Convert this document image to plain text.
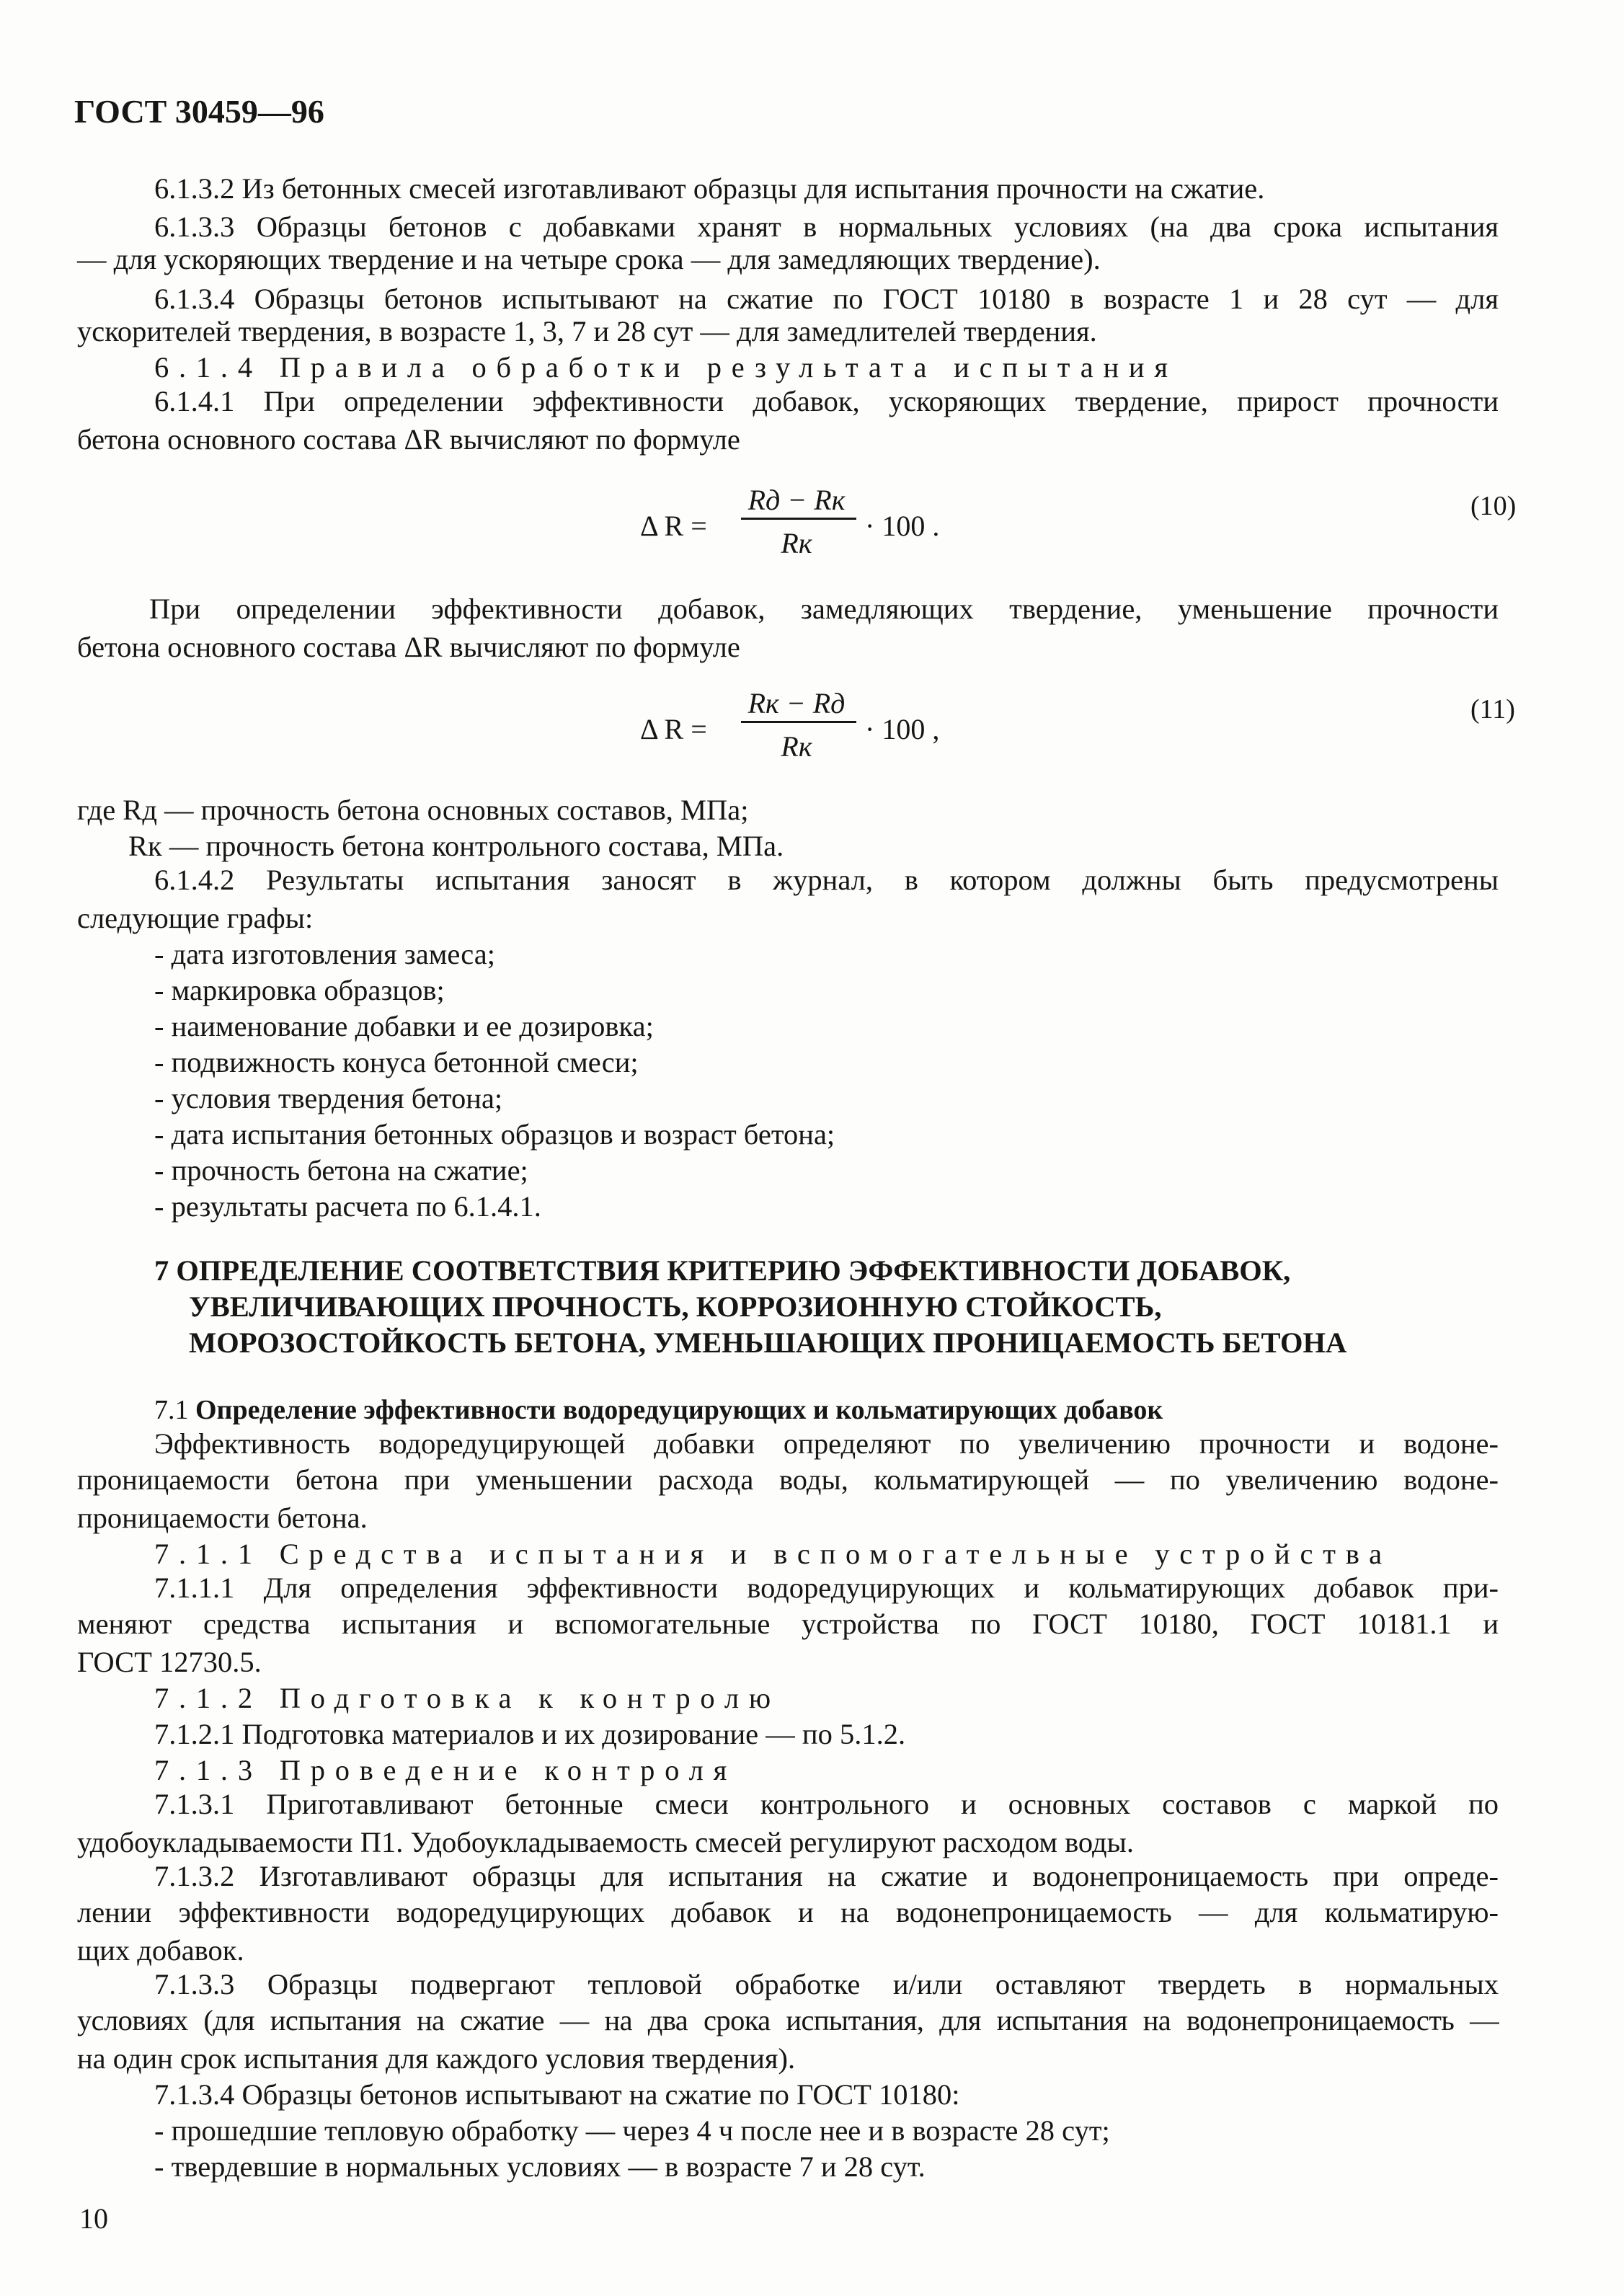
ГОСТ 30459—96
6.1.3.2 Из бетонных смесей изготавливают образцы для испытания прочности на сжатие.
6.1.3.3 Образцы бетонов с добавками хранят в нормальных условиях (на два срока испытания
— для ускоряющих твердение и на четыре срока — для замедляющих твердение).
6.1.3.4 Образцы бетонов испытывают на сжатие по ГОСТ 10180 в возрасте 1 и 28 сут — для
ускорителей твердения, в возрасте 1, 3, 7 и 28 сут — для замедлителей твердения.
6.1.4 Правила обработки результата испытания
6.1.4.1 При определении эффективности добавок, ускоряющих твердение, прирост прочности
бетона основного состава ΔR вычисляют по формуле
Δ R =
Rд − Rк
Rк
· 100 .
(10)
При определении эффективности добавок, замедляющих твердение, уменьшение прочности
бетона основного состава ΔR вычисляют по формуле
Δ R =
Rк − Rд
Rк
· 100 ,
(11)
где Rд — прочность бетона основных составов, МПа;
Rк — прочность бетона контрольного состава, МПа.
6.1.4.2 Результаты испытания заносят в журнал, в котором должны быть предусмотрены
следующие графы:
- дата изготовления замеса;
- маркировка образцов;
- наименование добавки и ее дозировка;
- подвижность конуса бетонной смеси;
- условия твердения бетона;
- дата испытания бетонных образцов и возраст бетона;
- прочность бетона на сжатие;
- результаты расчета по 6.1.4.1.
7 ОПРЕДЕЛЕНИЕ СООТВЕТСТВИЯ КРИТЕРИЮ ЭФФЕКТИВНОСТИ ДОБАВОК,
УВЕЛИЧИВАЮЩИХ ПРОЧНОСТЬ, КОРРОЗИОННУЮ СТОЙКОСТЬ,
МОРОЗОСТОЙКОСТЬ БЕТОНА, УМЕНЬШАЮЩИХ ПРОНИЦАЕМОСТЬ БЕТОНА
7.1 Определение эффективности водоредуцирующих и кольматирующих добавок
Эффективность водоредуцирующей добавки определяют по увеличению прочности и водоне-
проницаемости бетона при уменьшении расхода воды, кольматирующей — по увеличению водоне-
проницаемости бетона.
7.1.1 Средства испытания и вспомогательные устройства
7.1.1.1 Для определения эффективности водоредуцирующих и кольматирующих добавок при-
меняют средства испытания и вспомогательные устройства по ГОСТ 10180, ГОСТ 10181.1 и
ГОСТ 12730.5.
7.1.2 Подготовка к контролю
7.1.2.1 Подготовка материалов и их дозирование — по 5.1.2.
7.1.3 Проведение контроля
7.1.3.1 Приготавливают бетонные смеси контрольного и основных составов с маркой по
удобоукладываемости П1. Удобоукладываемость смесей регулируют расходом воды.
7.1.3.2 Изготавливают образцы для испытания на сжатие и водонепроницаемость при опреде-
лении эффективности водоредуцирующих добавок и на водонепроницаемость — для кольматирую-
щих добавок.
7.1.3.3 Образцы подвергают тепловой обработке и/или оставляют твердеть в нормальных
условиях (для испытания на сжатие — на два срока испытания, для испытания на водонепроницаемость —
на один срок испытания для каждого условия твердения).
7.1.3.4 Образцы бетонов испытывают на сжатие по ГОСТ 10180:
- прошедшие тепловую обработку — через 4 ч после нее и в возрасте 28 сут;
- твердевшие в нормальных условиях — в возрасте 7 и 28 сут.
10
